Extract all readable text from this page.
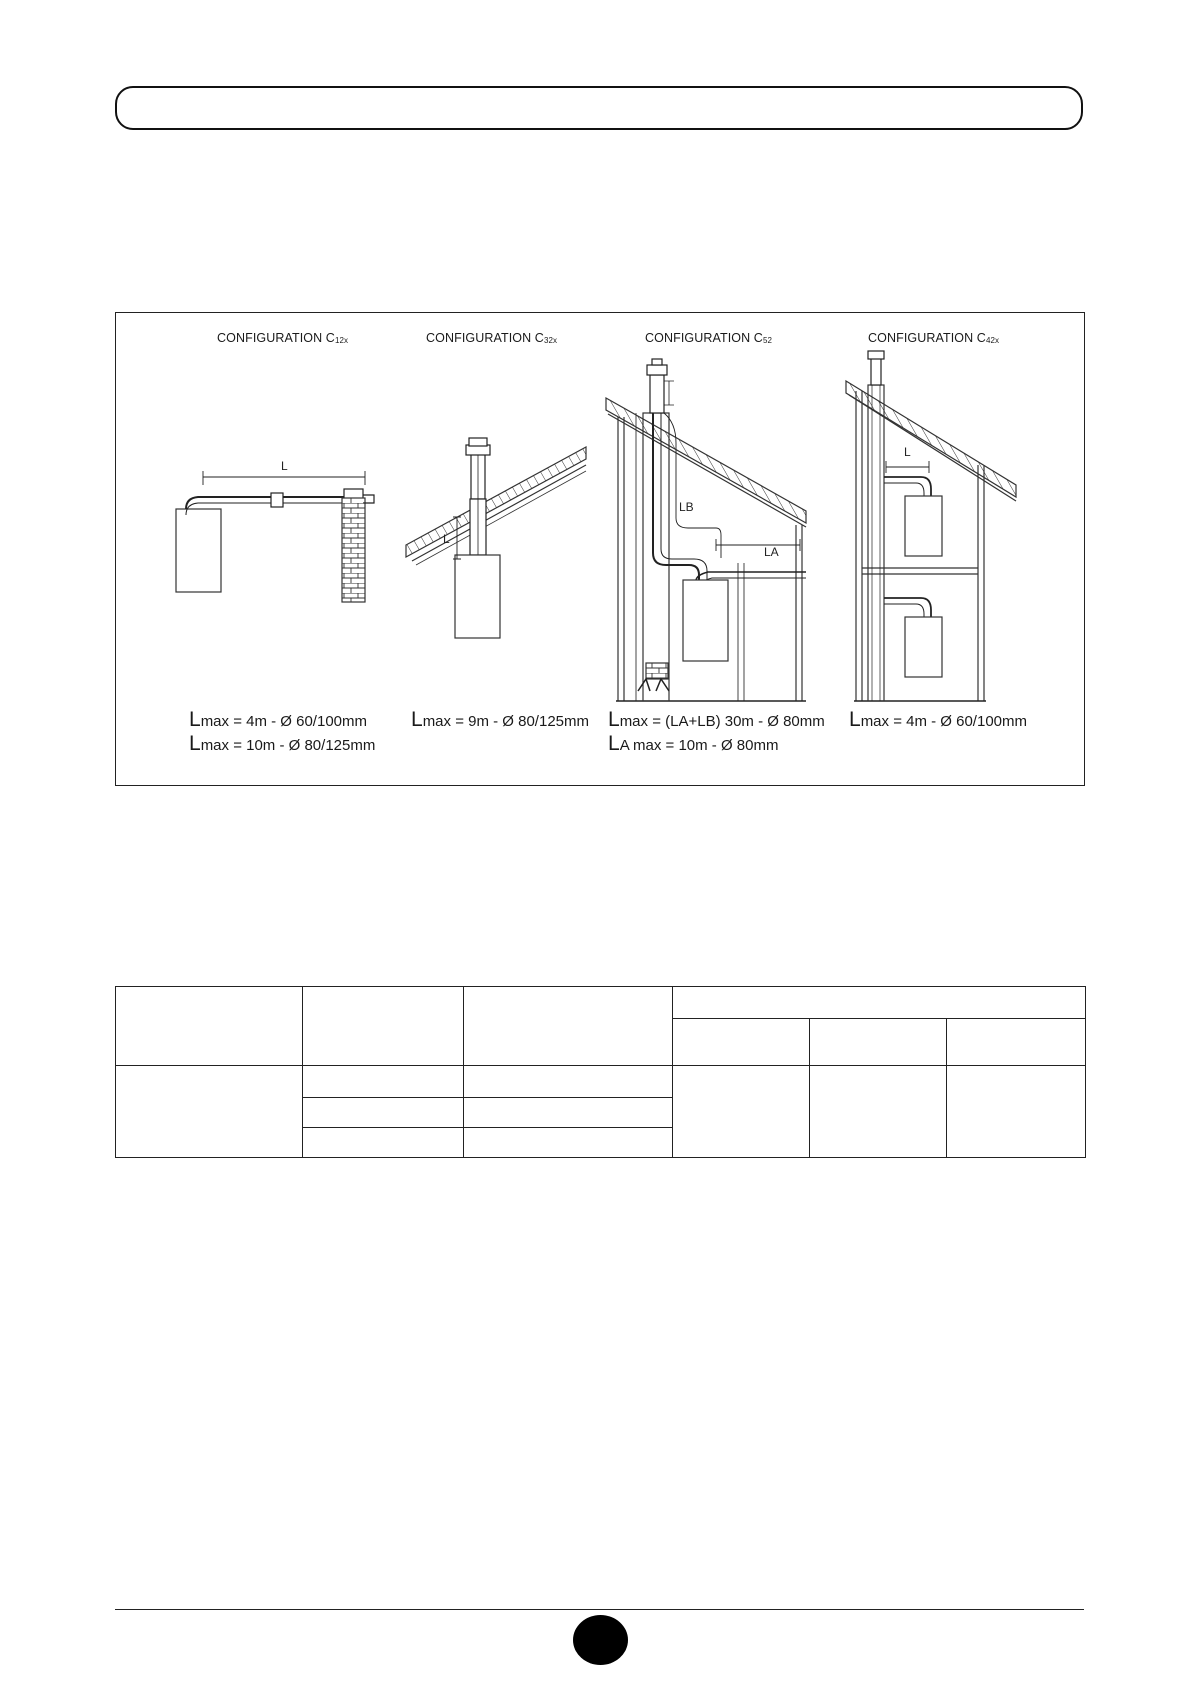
L
L
LB
LA
L
CONFIGURATION $C_{12x}$	CONFIGURATION $C_{32x}$	CONFIGURATION $C_{52}$	CONFIGURATION $C_{42x}$
Lmax = 4m - Ø 60/100mm
Lmax = 10m - Ø 80/125mm
Lmax = 9m - Ø 80/125mm Lmax = (LA+LB) 30m - Ø 80mm
LA max = 10m - Ø 80mm
Lmax = 4m - Ø 60/100mm
